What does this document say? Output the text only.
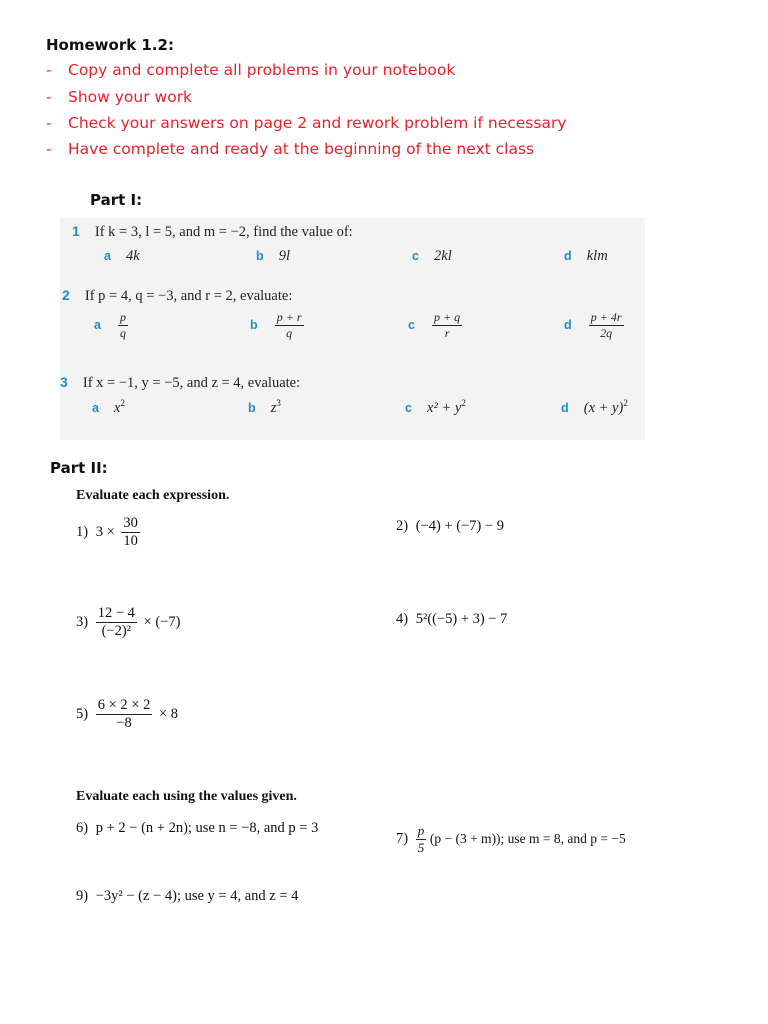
Homework 1.2:
- Copy and complete all problems in your notebook
- Show your work
- Check your answers on page 2 and rework problem if necessary
- Have complete and ready at the beginning of the next class
Part I:
1 If k = 3, l = 5, and m = −2, find the value of:
a 4k	b 9l	c 2kl	d klm
2 If p = 4, q = −3, and r = 2, evaluate:
a $\frac{p}{q}$	b $\frac{p + r}{q}$	c $\frac{p + q}{r}$	d $\frac{p + 4r}{2q}$
3 If x = −1, y = −5, and z = 4, evaluate:
a $x^2$	b $z^3$	c $x^2 + y^2$	d $(x + y)^2$
Part II:
Evaluate each expression.
1) $3 \times \frac{30}{10}$	2) (−4) + (−7) − 9
$3) \frac{12 - 4}{\text{(−2)²}} \times (-7)$	4) 5²((−5) + 3) − 7
$5) \frac{6 \times 2 \times 2}{-8} \times 8$
Evaluate each using the values given.
6) p + 2 − (n + 2n); use n = −8, and p = 3
$7) \frac{p}{5} (p - (3 + m))$; use m = 8, and p = −5
9) −3y² − (z − 4); use y = 4, and z = 4
